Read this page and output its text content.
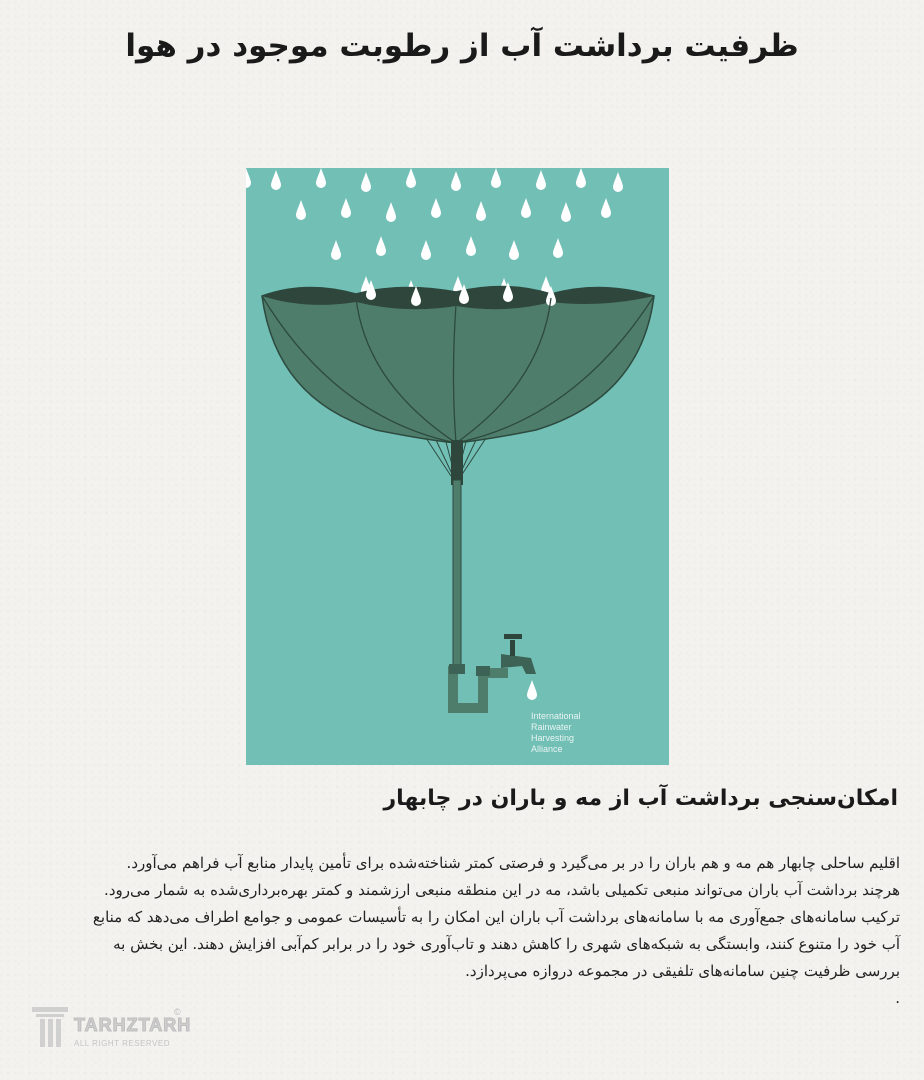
ظرفیت برداشت آب از رطوبت موجود در هوا
International
Rainwater
Harvesting
Alliance
امکان‌سنجی برداشت آب از مه و باران در چابهار

اقلیم ساحلی چابهار هم مه و هم باران را در بر می‌گیرد و فرصتی کمتر شناخته‌شده برای تأمین پایدار منابع آب فراهم می‌آورد.

هرچند برداشت آب باران می‌تواند منبعی تکمیلی باشد، مه در این منطقه منبعی ارزشمند و کمتر بهره‌برداری‌شده به شمار می‌رود.

ترکیب سامانه‌های جمع‌آوری مه با سامانه‌های برداشت آب باران این امکان را به تأسیسات عمومی و جوامع اطراف می‌دهد که منابع آب خود را متنوع کنند، وابستگی به شبکه‌های شهری را کاهش دهند و تاب‌آوری خود را در برابر کم‌آبی افزایش دهند. این بخش به بررسی ظرفیت چنین سامانه‌های تلفیقی در مجموعه دروازه می‌پردازد.

.

TARHZTARH
©
ALL RIGHT RESERVED
